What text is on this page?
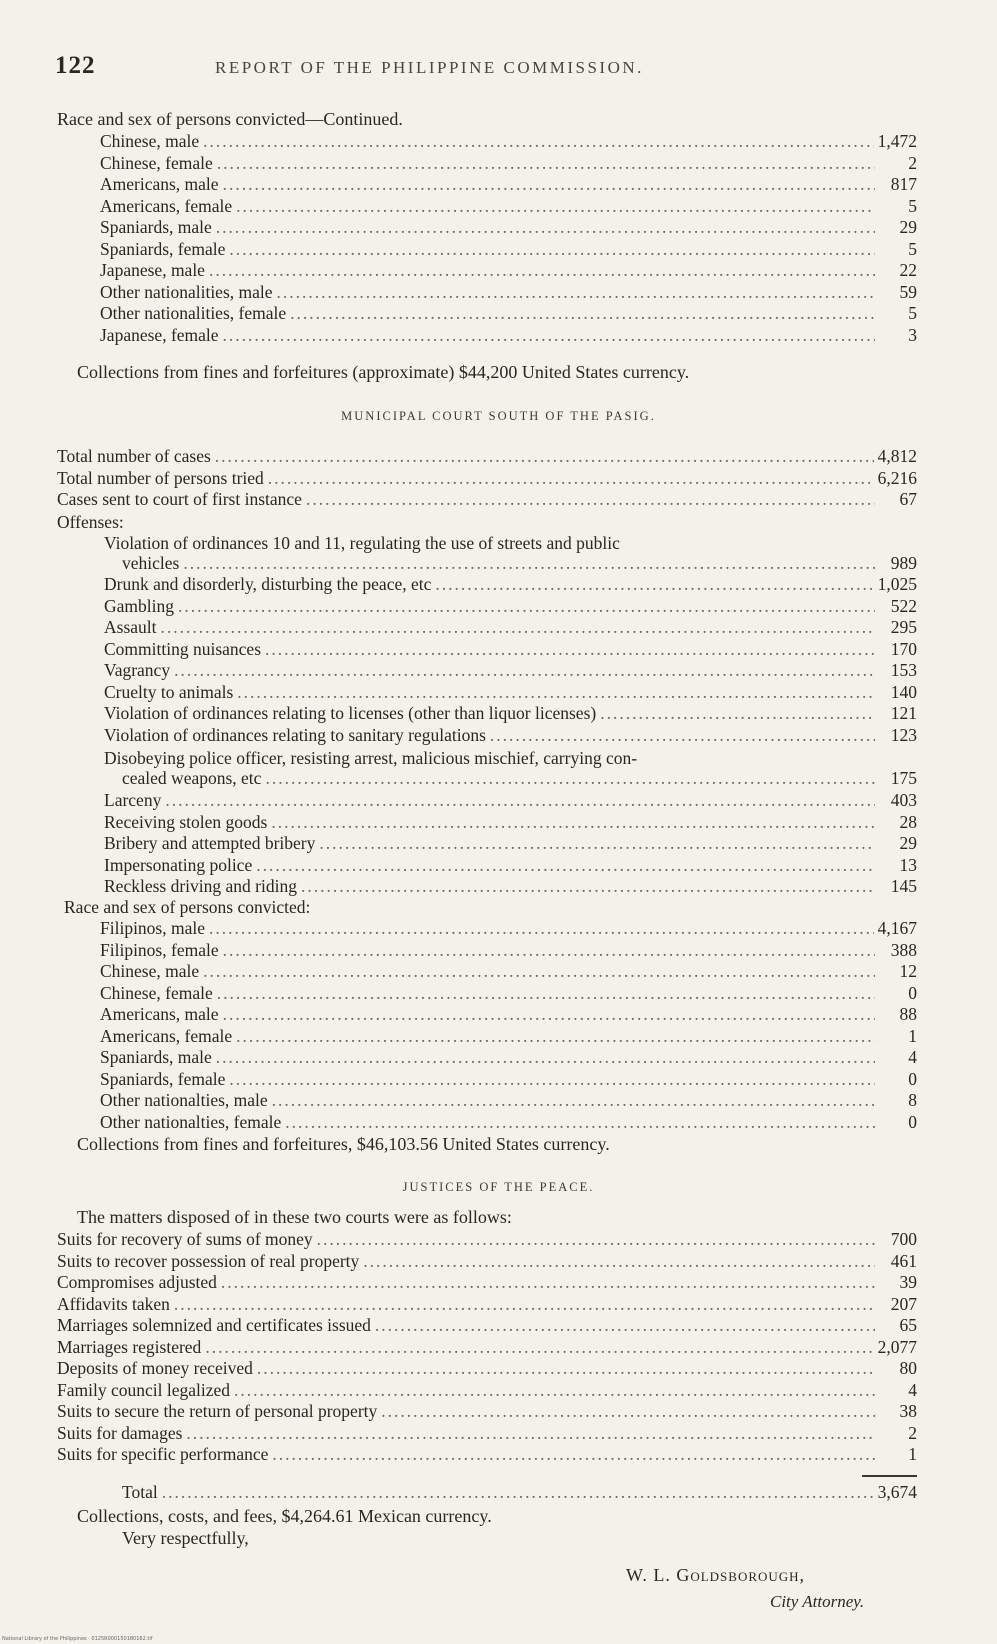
122	REPORT OF THE PHILIPPINE COMMISSION.
Race and sex of persons convicted—Continued.
Chinese, male .....	1,472
Chinese, female .....	2
Americans, male .....	817
Americans, female .....	5
Spaniards, male .....	29
Spaniards, female .....	5
Japanese, male .....	22
Other nationalities, male .....	59
Other nationalities, female .....	5
Japanese, female .....	3
Collections from fines and forfeitures (approximate) $44,200 United States currency.
MUNICIPAL COURT SOUTH OF THE PASIG.
Total number of cases .....	4,812
Total number of persons tried .....	6,216
Cases sent to court of first instance .....	67
Offenses:
Violation of ordinances 10 and 11, regulating the use of streets and public
vehicles .....	989
Drunk and disorderly, disturbing the peace, etc .....	1,025
Gambling .....	522
Assault .....	295
Committing nuisances .....	170
Vagrancy .....	153
Cruelty to animals .....	140
Violation of ordinances relating to licenses (other than liquor licenses) .....	121
Violation of ordinances relating to sanitary regulations .....	123
Disobeying police officer, resisting arrest, malicious mischief, carrying con-
cealed weapons, etc .....	175
Larceny .....	403
Receiving stolen goods .....	28
Bribery and attempted bribery .....	29
Impersonating police .....	13
Reckless driving and riding .....	145
Race and sex of persons convicted:
Filipinos, male .....	4,167
Filipinos, female .....	388
Chinese, male .....	12
Chinese, female .....	0
Americans, male .....	88
Americans, female .....	1
Spaniards, male .....	4
Spaniards, female .....	0
Other nationalties, male .....	8
Other nationalties, female .....	0
Collections from fines and forfeitures, $46,103.56 United States currency.
JUSTICES OF THE PEACE.
The matters disposed of in these two courts were as follows:
Suits for recovery of sums of money .....	700
Suits to recover possession of real property .....	461
Compromises adjusted .....	39
Affidavits taken .....	207
Marriages solemnized and certificates issued .....	65
Marriages registered .....	2,077
Deposits of money received .....	80
Family council legalized .....	4
Suits to secure the return of personal property .....	38
Suits for damages .....	2
Suits for specific performance .....	1
Total .....	3,674
Collections, costs, and fees, $4,264.61 Mexican currency.
Very respectfully,
W. L. Goldsborough,
City Attorney.
National Library of the Philippines · 0125R000150180162.tif
